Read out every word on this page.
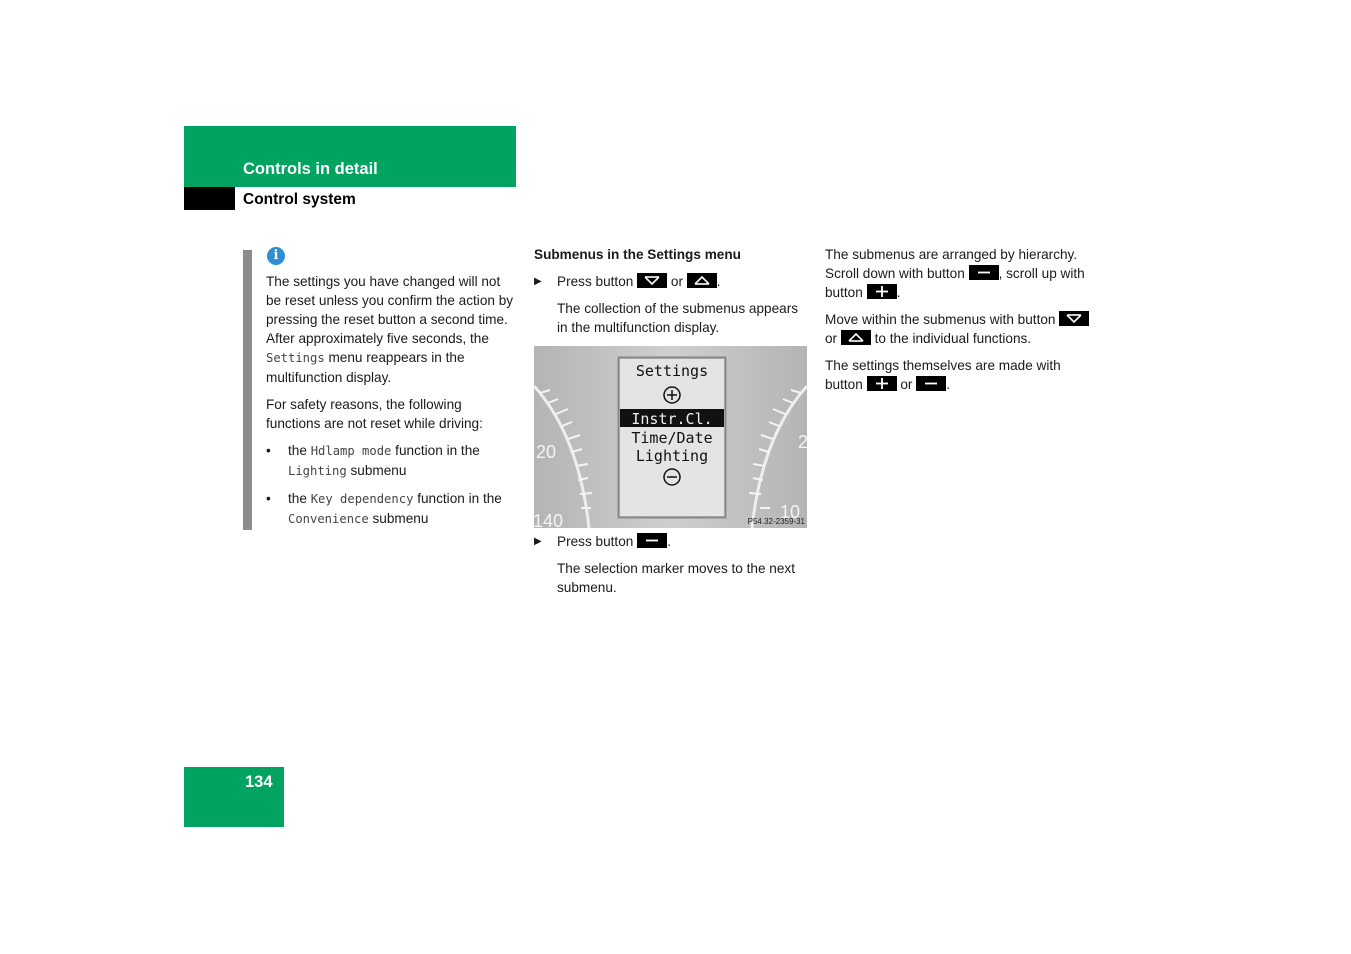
Controls in detail
Control system
i

The settings you have changed will not be reset unless you confirm the action by pressing the reset button a second time. After approximately five seconds, the Settings menu reappears in the multifunction display.

For safety reasons, the following functions are not reset while driving:

• the Hdlamp mode function in the Lighting submenu
• the Key dependency function in the Convenience submenu
Submenus in the Settings menu
▶ Press button
or
.
The collection of the submenus appears in the multifunction display.
20
140
2
10
Settings
Instr.Cl.
Time/Date
Lighting
P54.32-2359-31
▶ Press button
.
The selection marker moves to the next submenu.

The submenus are arranged by hierarchy. Scroll down with button
, scroll up with button
.

Move within the submenus with button
or
to the individual functions.

The settings themselves are made with button
or
.

134
